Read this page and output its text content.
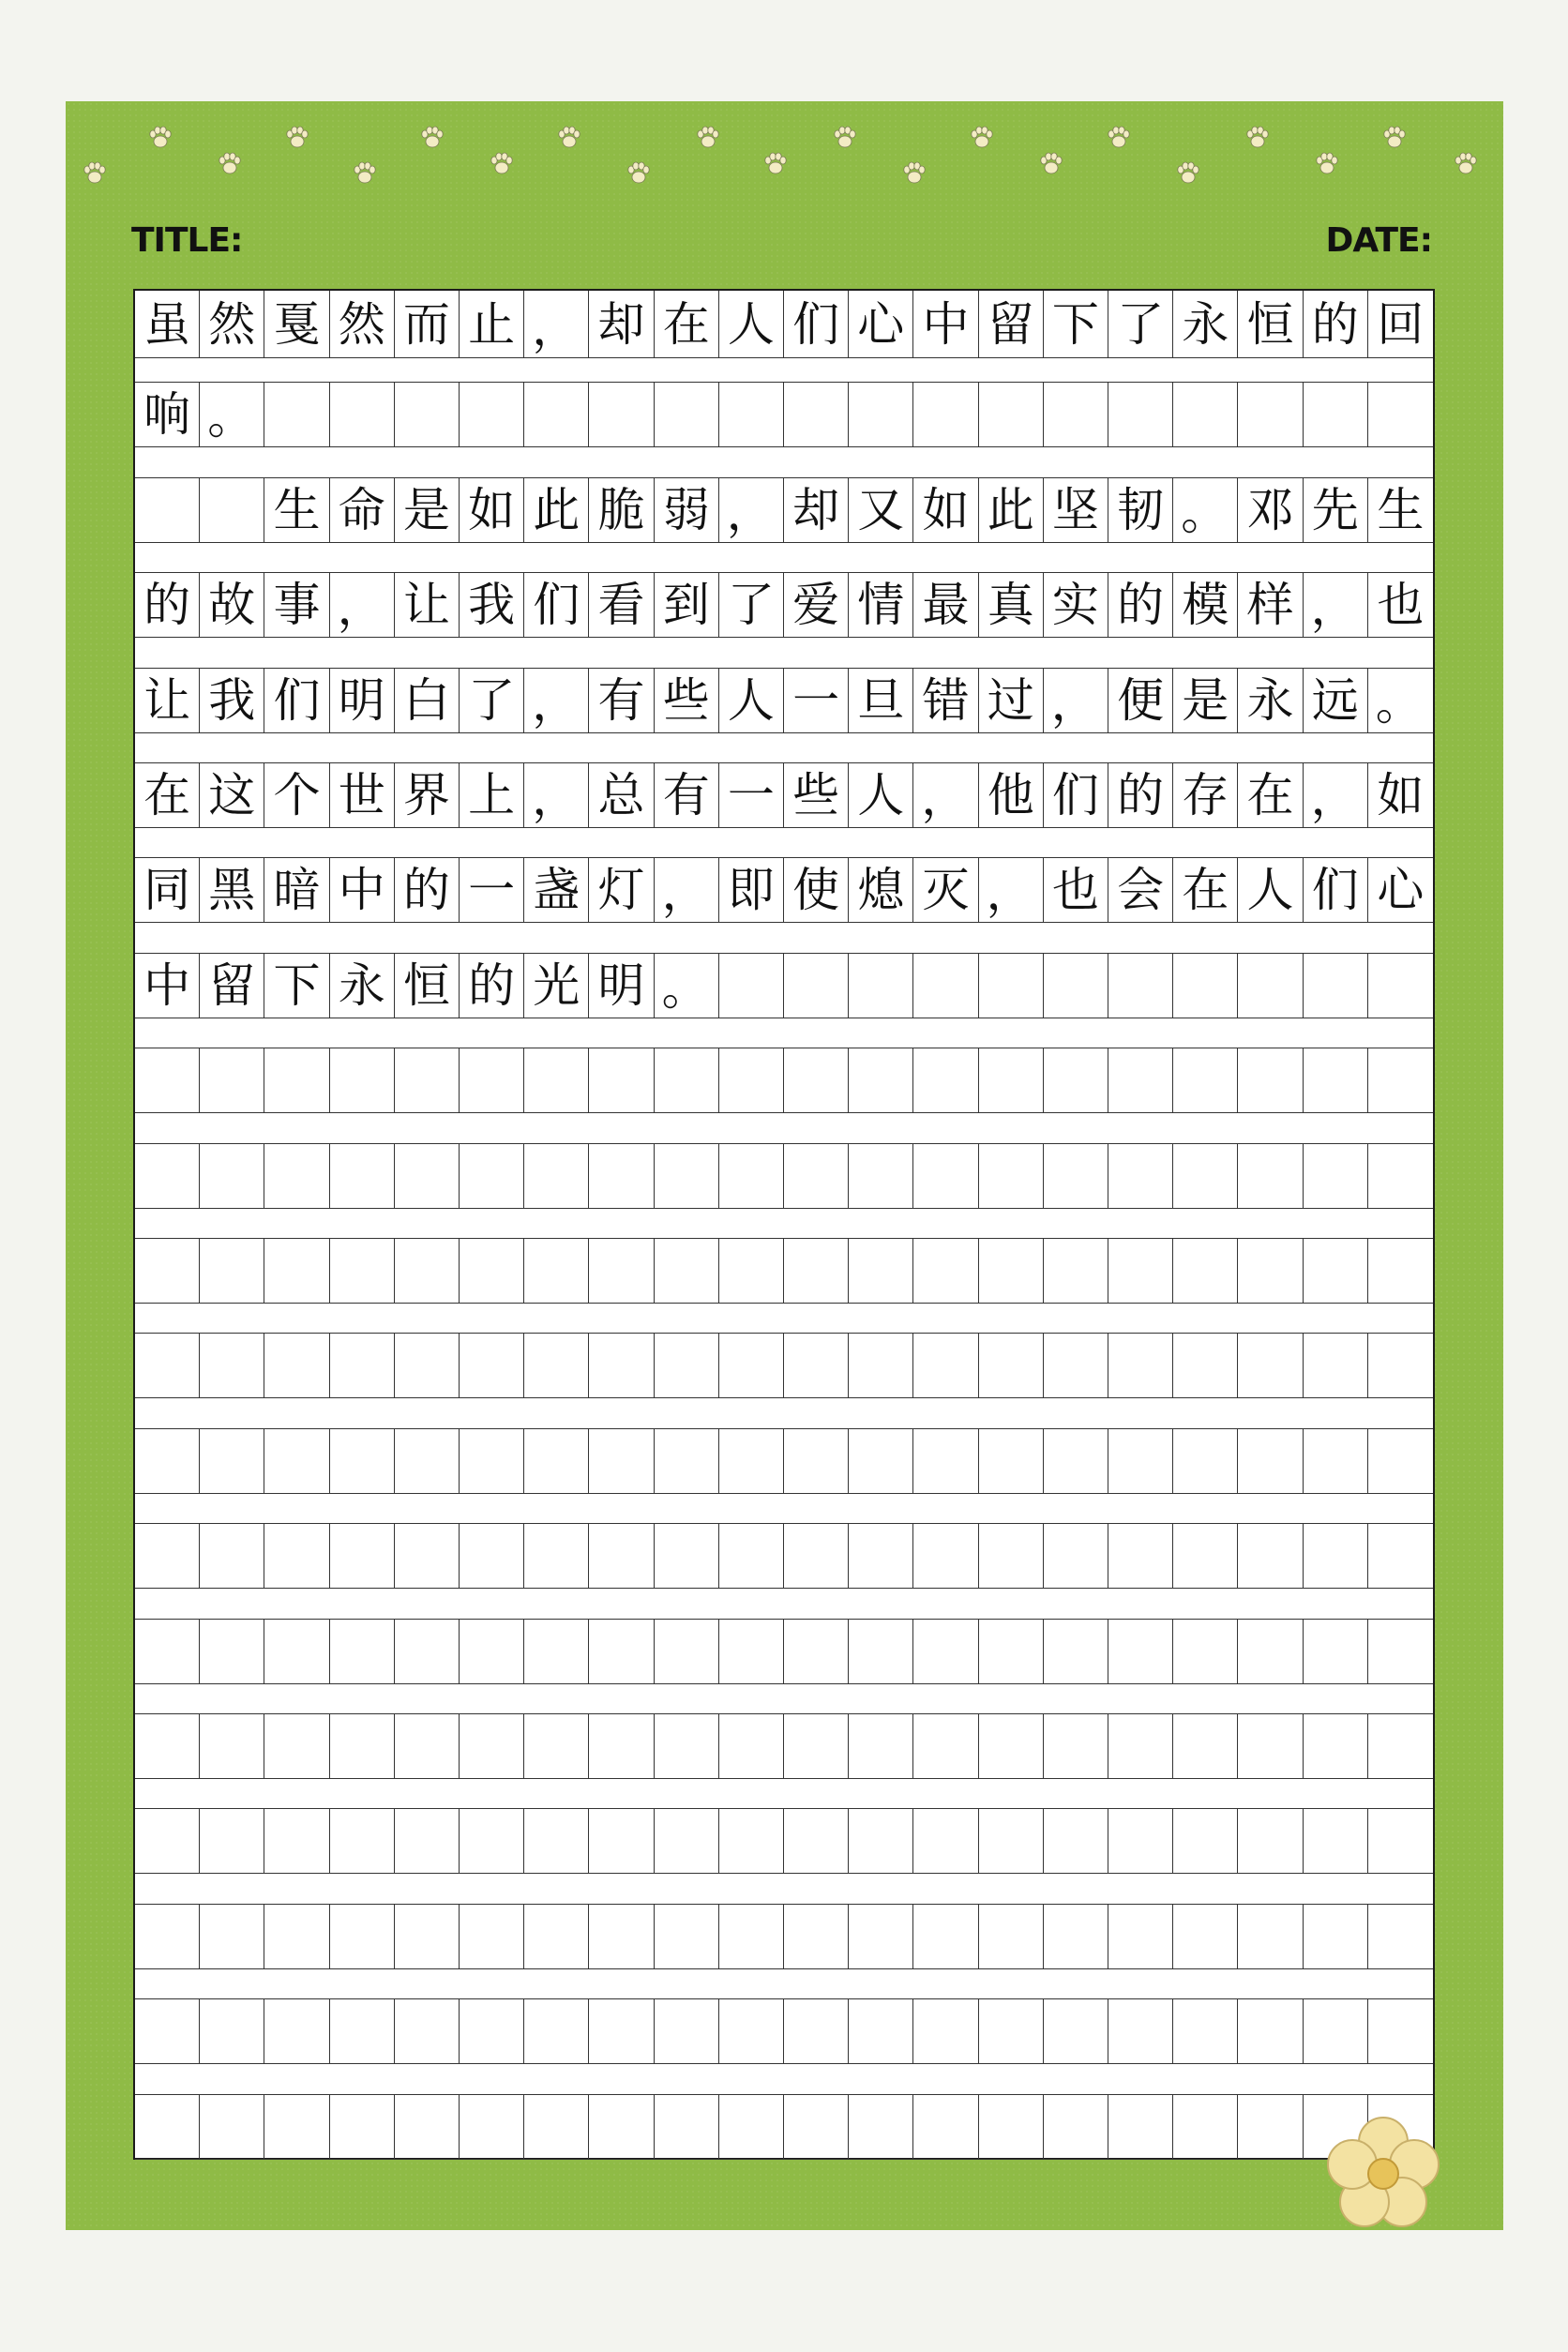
TITLE:	DATE:
虽 然 戛 然 而 止 ， 却 在 人 们 心 中 留 下 了 永 恒 的 回
响 。
生 命 是 如 此 脆 弱 ， 却 又 如 此 坚 韧 。 邓 先 生
的 故 事 ， 让 我 们 看 到 了 爱 情 最 真 实 的 模 样 ， 也
让 我 们 明 白 了 ， 有 些 人 一 旦 错 过 ， 便 是 永 远 。
在 这 个 世 界 上 ， 总 有 一 些 人 ， 他 们 的 存 在 ， 如
同 黑 暗 中 的 一 盏 灯 ， 即 使 熄 灭 ， 也 会 在 人 们 心
中 留 下 永 恒 的 光 明 。
